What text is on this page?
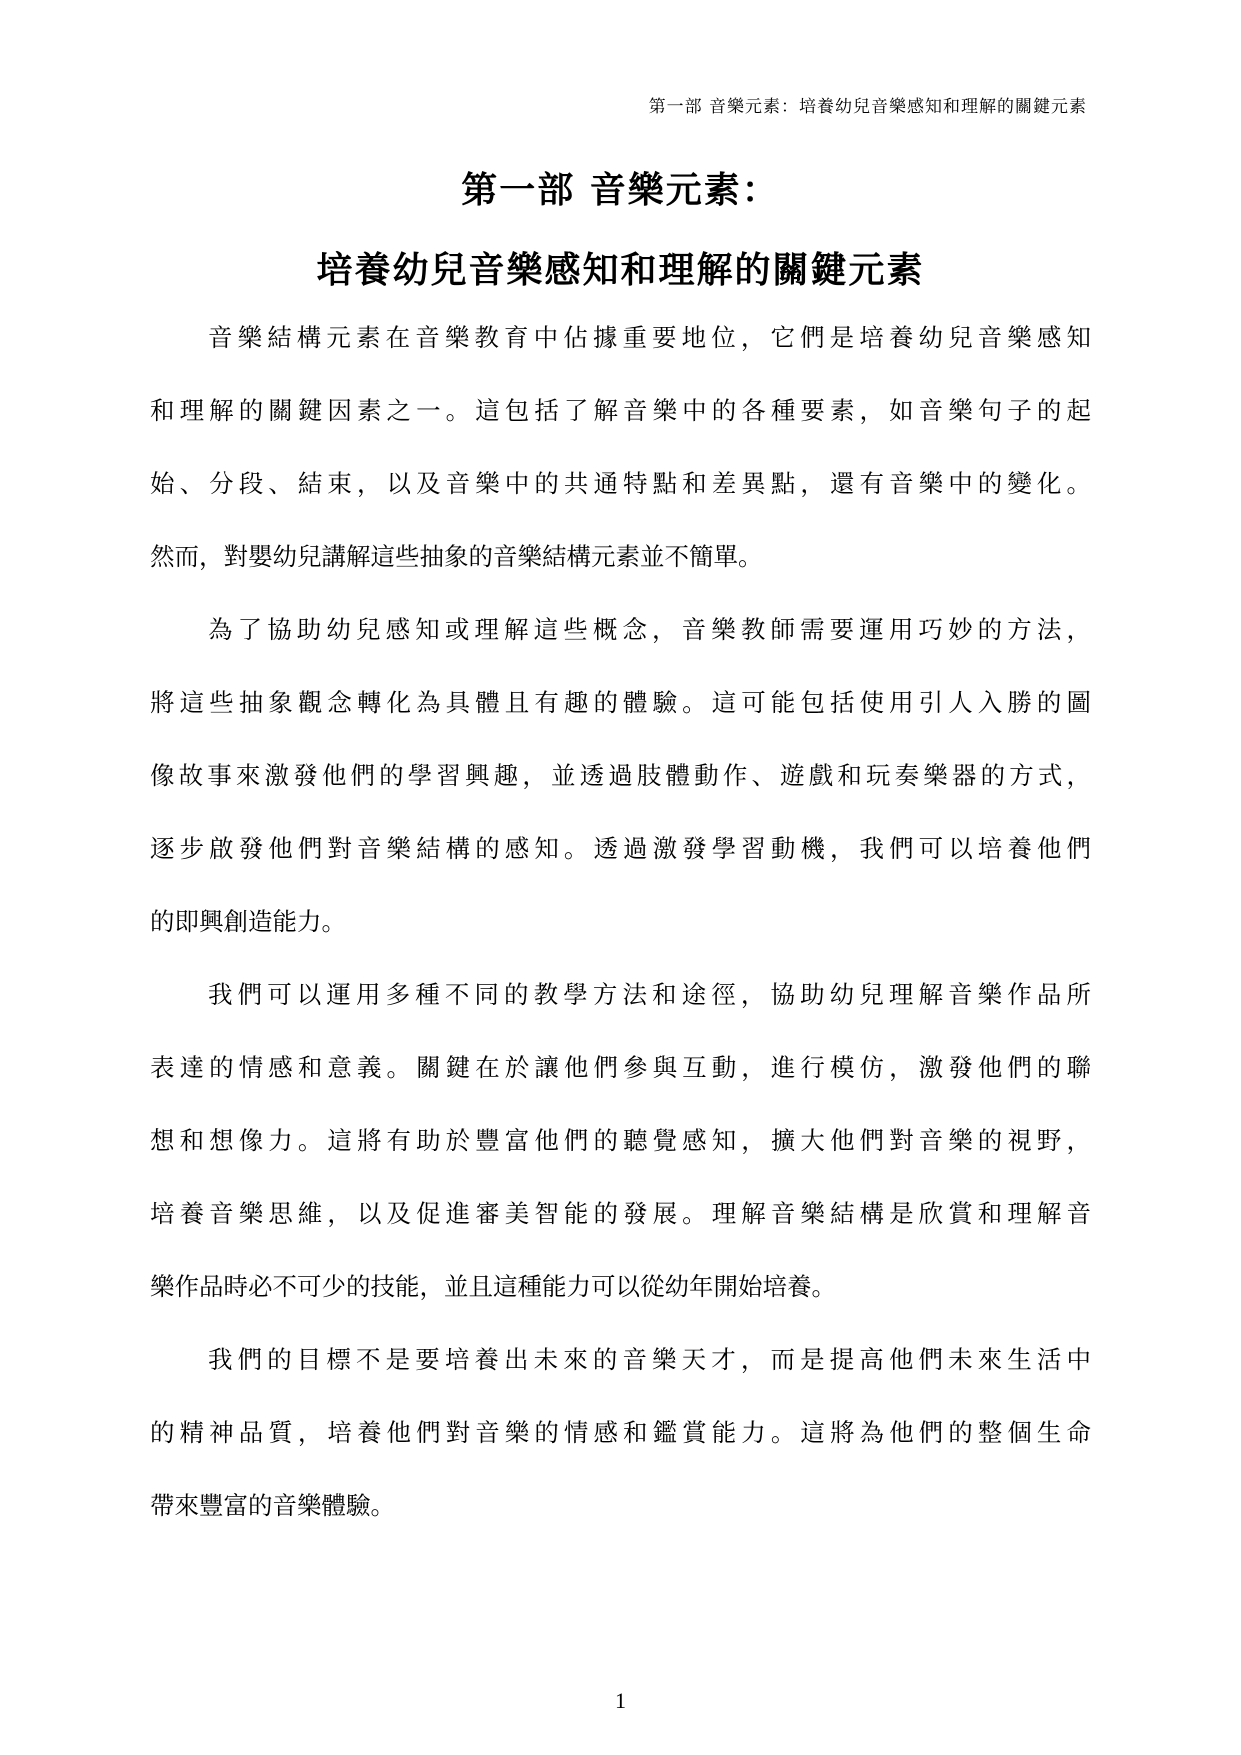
第一部 音樂元素：培養幼兒音樂感知和理解的關鍵元素
第一部 音樂元素：
培養幼兒音樂感知和理解的關鍵元素
音樂結構元素在音樂教育中佔據重要地位，它們是培養幼兒音樂感知
和理解的關鍵因素之一。這包括了解音樂中的各種要素，如音樂句子的起
始、分段、結束，以及音樂中的共通特點和差異點，還有音樂中的變化。
然而，對嬰幼兒講解這些抽象的音樂結構元素並不簡單。
為了協助幼兒感知或理解這些概念，音樂教師需要運用巧妙的方法，
將這些抽象觀念轉化為具體且有趣的體驗。這可能包括使用引人入勝的圖
像故事來激發他們的學習興趣，並透過肢體動作、遊戲和玩奏樂器的方式，
逐步啟發他們對音樂結構的感知。透過激發學習動機，我們可以培養他們
的即興創造能力。
我們可以運用多種不同的教學方法和途徑，協助幼兒理解音樂作品所
表達的情感和意義。關鍵在於讓他們參與互動，進行模仿，激發他們的聯
想和想像力。這將有助於豐富他們的聽覺感知，擴大他們對音樂的視野，
培養音樂思維，以及促進審美智能的發展。理解音樂結構是欣賞和理解音
樂作品時必不可少的技能，並且這種能力可以從幼年開始培養。
我們的目標不是要培養出未來的音樂天才，而是提高他們未來生活中
的精神品質，培養他們對音樂的情感和鑑賞能力。這將為他們的整個生命
帶來豐富的音樂體驗。
1
